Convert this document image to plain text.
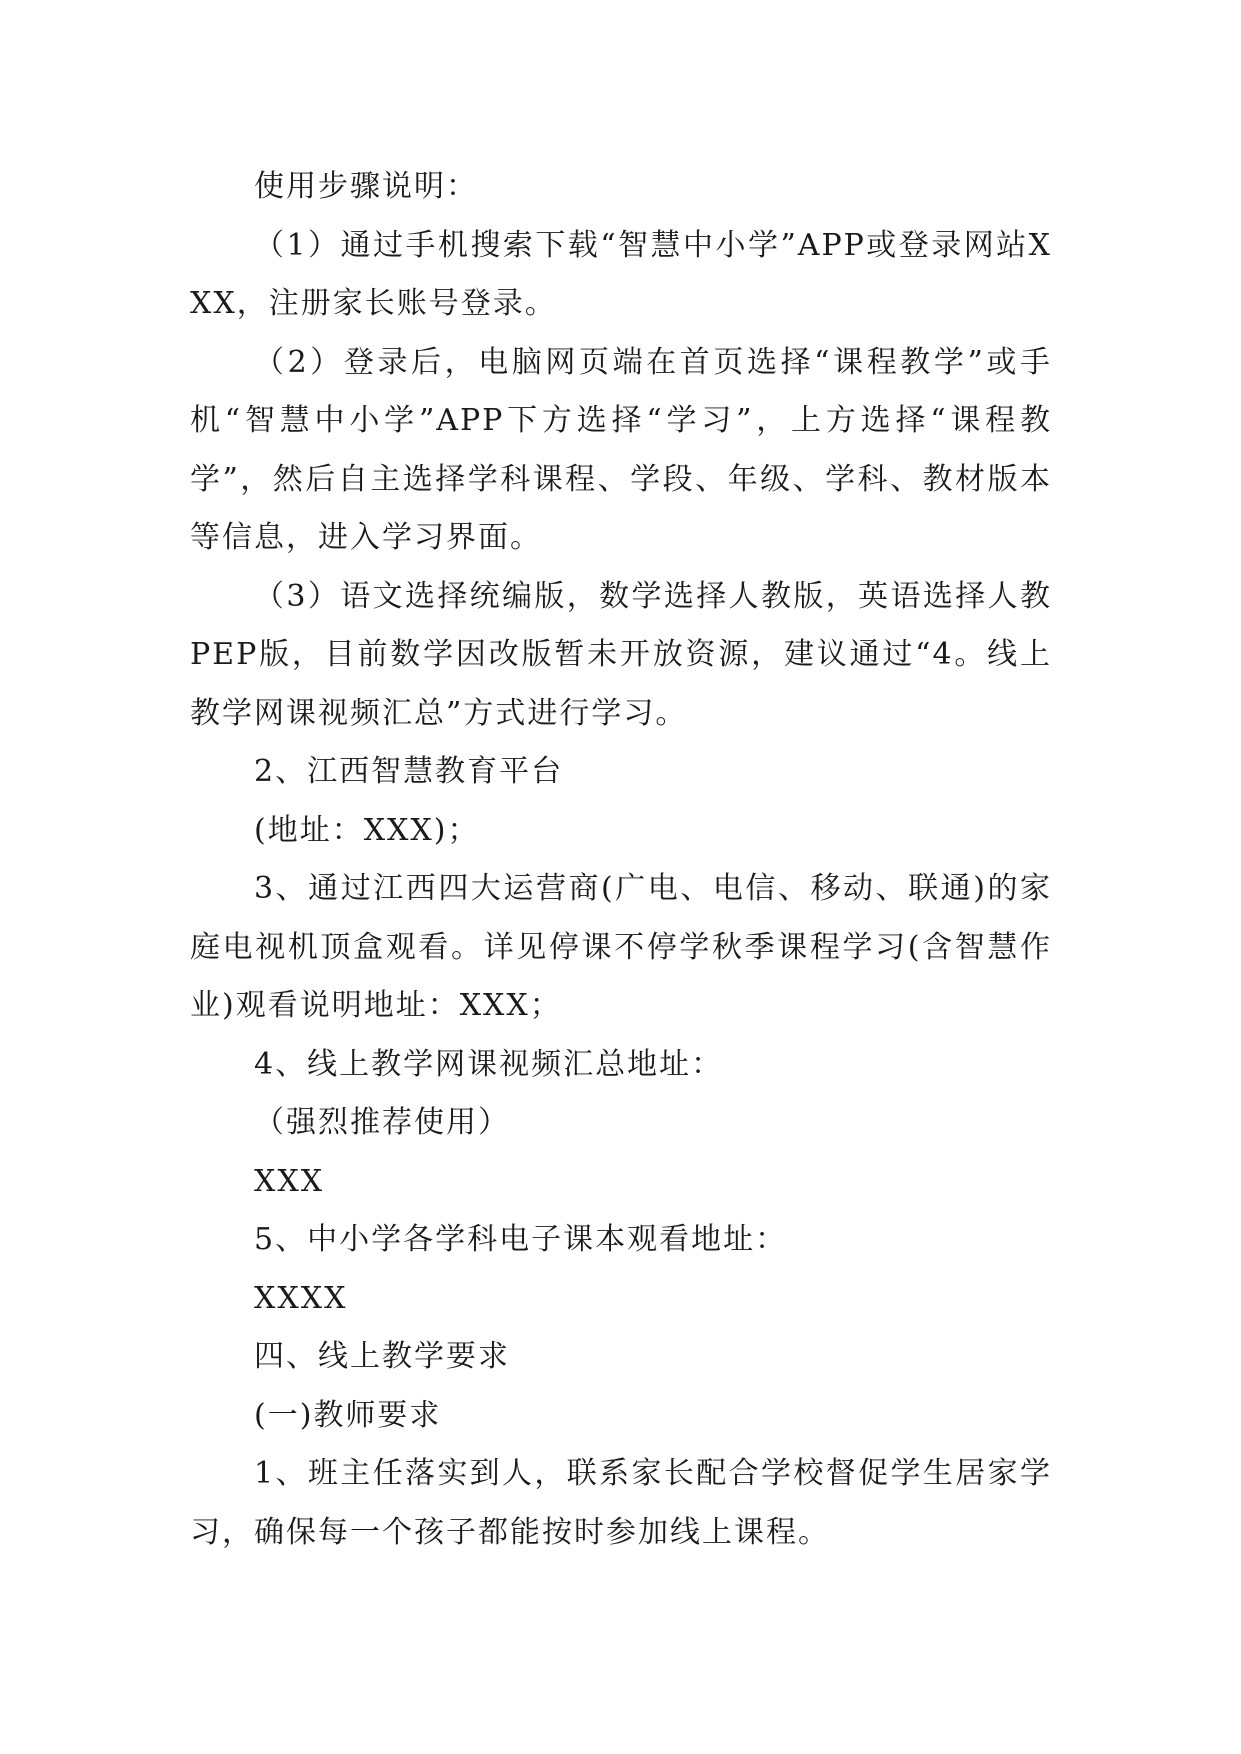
使用步骤说明：

（1）通过手机搜索下载“智慧中小学”APP或登录网站XXX，注册家长账号登录。

（2）登录后，电脑网页端在首页选择“课程教学”或手机“智慧中小学”APP下方选择“学习”，上方选择“课程教学”，然后自主选择学科课程、学段、年级、学科、教材版本等信息，进入学习界面。

（3）语文选择统编版，数学选择人教版，英语选择人教PEP版，目前数学因改版暂未开放资源，建议通过“4。线上教学网课视频汇总”方式进行学习。

2、江西智慧教育平台

(地址：XXX)；

3、通过江西四大运营商(广电、电信、移动、联通)的家庭电视机顶盒观看。详见停课不停学秋季课程学习(含智慧作业)观看说明地址：XXX；

4、线上教学网课视频汇总地址：

（强烈推荐使用）

XXX

5、中小学各学科电子课本观看地址：

XXXX

四、线上教学要求

(一)教师要求

1、班主任落实到人，联系家长配合学校督促学生居家学习，确保每一个孩子都能按时参加线上课程。
